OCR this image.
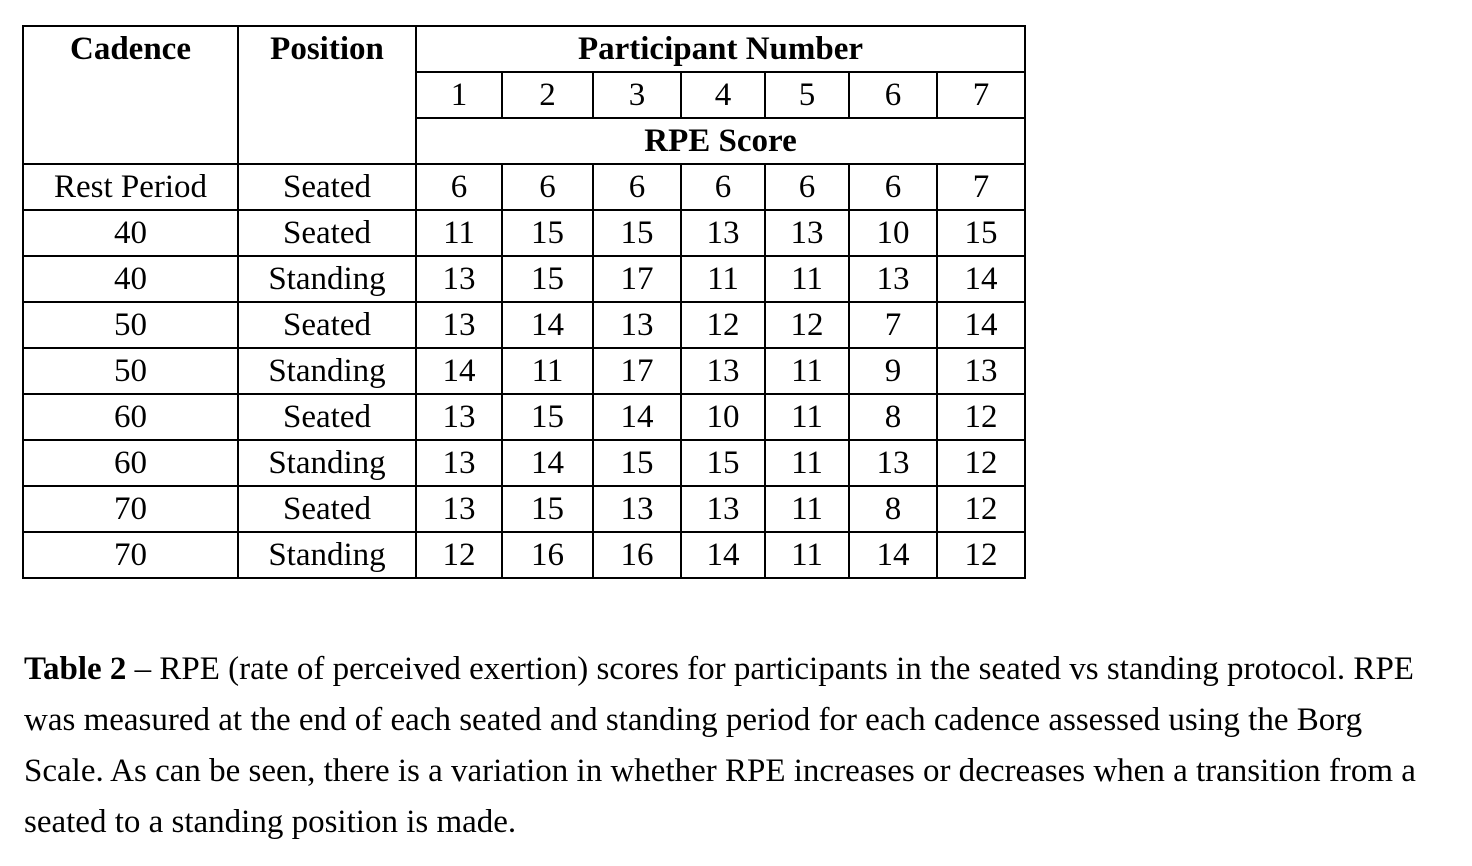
Cadence	Position	Participant Number						
		1	2	3	4	5	6	7
		RPE Score						
Rest Period	Seated	6	6	6	6	6	6	7
40	Seated	11	15	15	13	13	10	15
40	Standing	13	15	17	11	11	13	14
50	Seated	13	14	13	12	12	7	14
50	Standing	14	11	17	13	11	9	13
60	Seated	13	15	14	10	11	8	12
60	Standing	13	14	15	15	11	13	12
70	Seated	13	15	13	13	11	8	12
70	Standing	12	16	16	14	11	14	12

Table 2 – RPE (rate of perceived exertion) scores for participants in the seated vs standing protocol. RPE was measured at the end of each seated and standing period for each cadence assessed using the Borg Scale. As can be seen, there is a variation in whether RPE increases or decreases when a transition from a seated to a standing position is made.
